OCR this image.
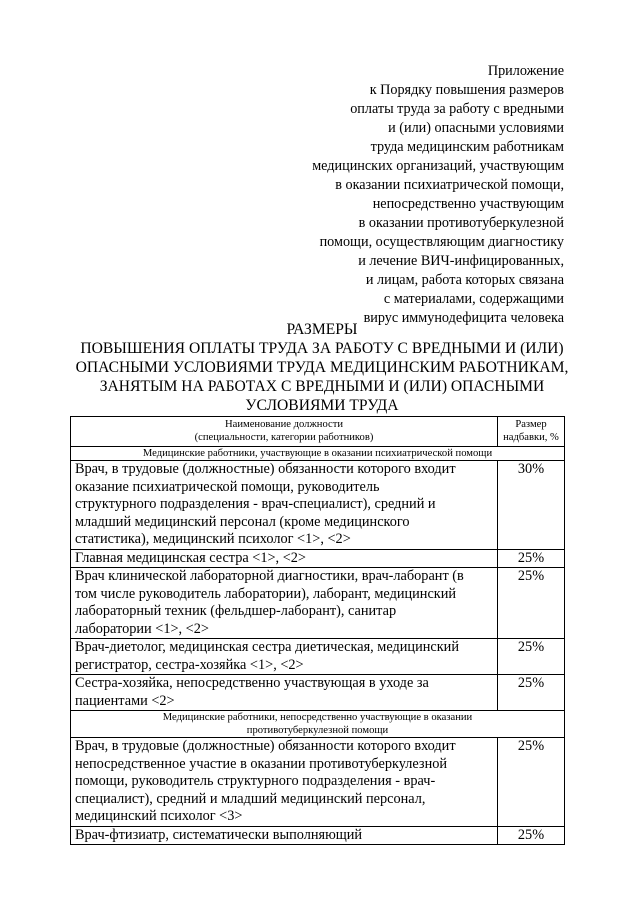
Приложение
к Порядку повышения размеров
оплаты труда за работу с вредными
и (или) опасными условиями
труда медицинским работникам
медицинских организаций, участвующим
в оказании психиатрической помощи,
непосредственно участвующим
в оказании противотуберкулезной
помощи, осуществляющим диагностику
и лечение ВИЧ-инфицированных,
и лицам, работа которых связана
с материалами, содержащими
вирус иммунодефицита человека
РАЗМЕРЫ
ПОВЫШЕНИЯ ОПЛАТЫ ТРУДА ЗА РАБОТУ С ВРЕДНЫМИ И (ИЛИ)
ОПАСНЫМИ УСЛОВИЯМИ ТРУДА МЕДИЦИНСКИМ РАБОТНИКАМ,
ЗАНЯТЫМ НА РАБОТАХ С ВРЕДНЫМИ И (ИЛИ) ОПАСНЫМИ
УСЛОВИЯМИ ТРУДА
Наименование должности
(специальности, категории работников)	Размер
надбавки, %

Медицинские работники, участвующие в оказании психиатрической помощи	

Врач, в трудовые (должностные) обязанности которого входит
оказание психиатрической помощи, руководитель
структурного подразделения - врач-специалист), средний и
младший медицинский персонал (кроме медицинского
статистика), медицинский психолог <1>, <2>	30%

Главная медицинская сестра <1>, <2>	25%

Врач клинической лабораторной диагностики, врач-лаборант (в
том числе руководитель лаборатории), лаборант, медицинский
лабораторный техник (фельдшер-лаборант), санитар
лаборатории <1>, <2>	25%

Врач-диетолог, медицинская сестра диетическая, медицинский
регистратор, сестра-хозяйка <1>, <2>	25%

Сестра-хозяйка, непосредственно участвующая в уходе за
пациентами <2>	25%

Медицинские работники, непосредственно участвующие в оказании
противотуберкулезной помощи	

Врач, в трудовые (должностные) обязанности которого входит
непосредственное участие в оказании противотуберкулезной
помощи, руководитель структурного подразделения - врач-
специалист), средний и младший медицинский персонал,
медицинский психолог <3>	25%

Врач-фтизиатр, систематически выполняющий	25%
